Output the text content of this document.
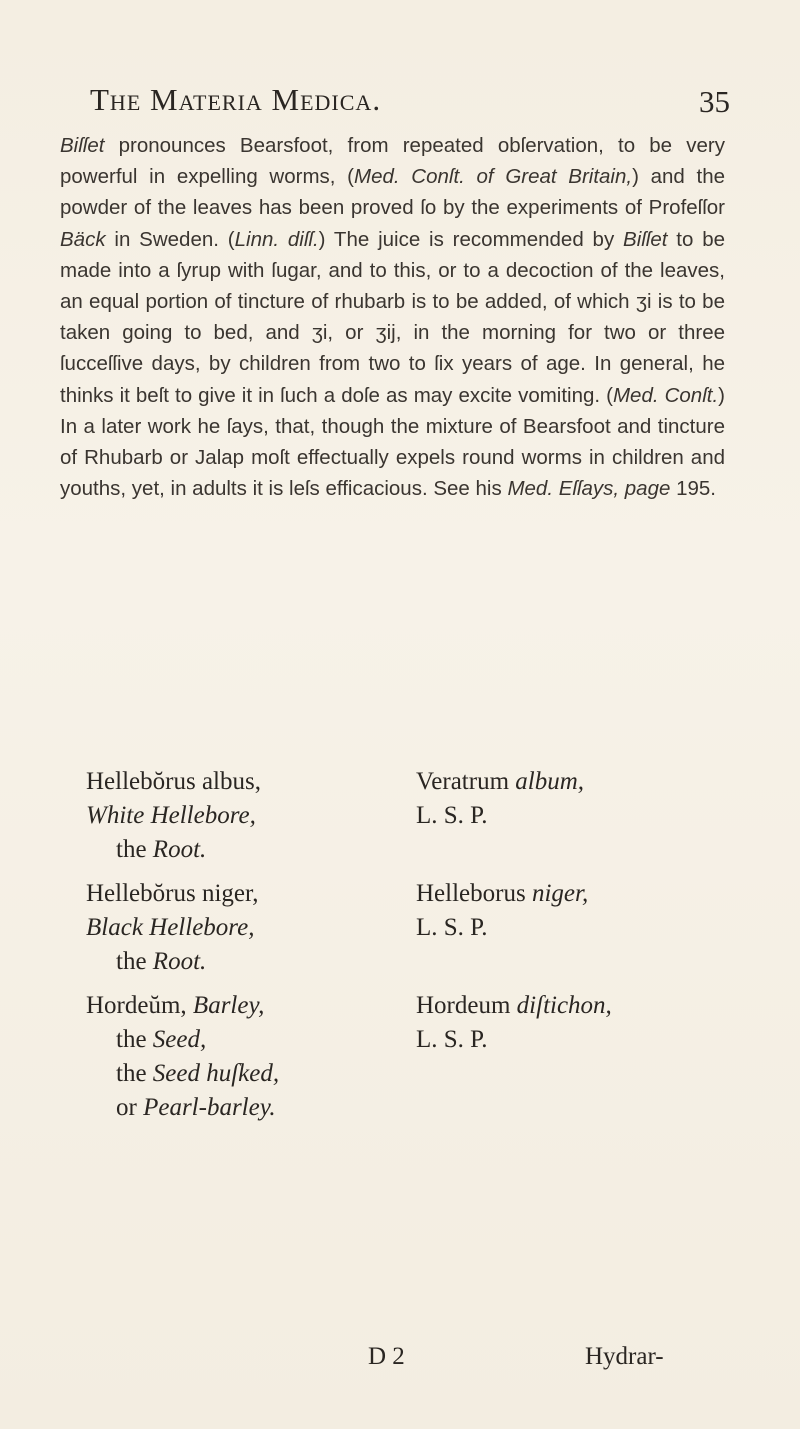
The Materia Medica.	35
Biſſet pronounces Bearsfoot, from repeated obſervation, to be very powerful in expelling worms, (Med. Conſt. of Great Britain,) and the powder of the leaves has been proved ſo by the experiments of Profeſſor Bäck in Sweden. (Linn. diſſ.) The juice is recommended by Biſſet to be made into a ſyrup with ſugar, and to this, or to a decoction of the leaves, an equal portion of tincture of rhubarb is to be added, of which ʒi is to be taken going to bed, and ʒi, or ʒij, in the morning for two or three ſucceſſive days, by children from two to ſix years of age. In general, he thinks it beſt to give it in ſuch a doſe as may excite vomiting. (Med. Conſt.) In a later work he ſays, that, though the mixture of Bearsfoot and tincture of Rhubarb or Jalap moſt effectually expels round worms in children and youths, yet, in adults it is leſs efficacious. See his Med. Eſſays, page 195.
Hellebŏrus albus,
White Hellebore,
the Root.
Veratrum album,
L. S. P.
Hellebŏrus niger,
Black Hellebore,
the Root.
Helleborus niger,
L. S. P.
Hordeŭm, Barley,
the Seed,
the Seed huſked,
or Pearl-barley.
Hordeum diſtichon,
L. S. P.
D 2	Hydrar-
